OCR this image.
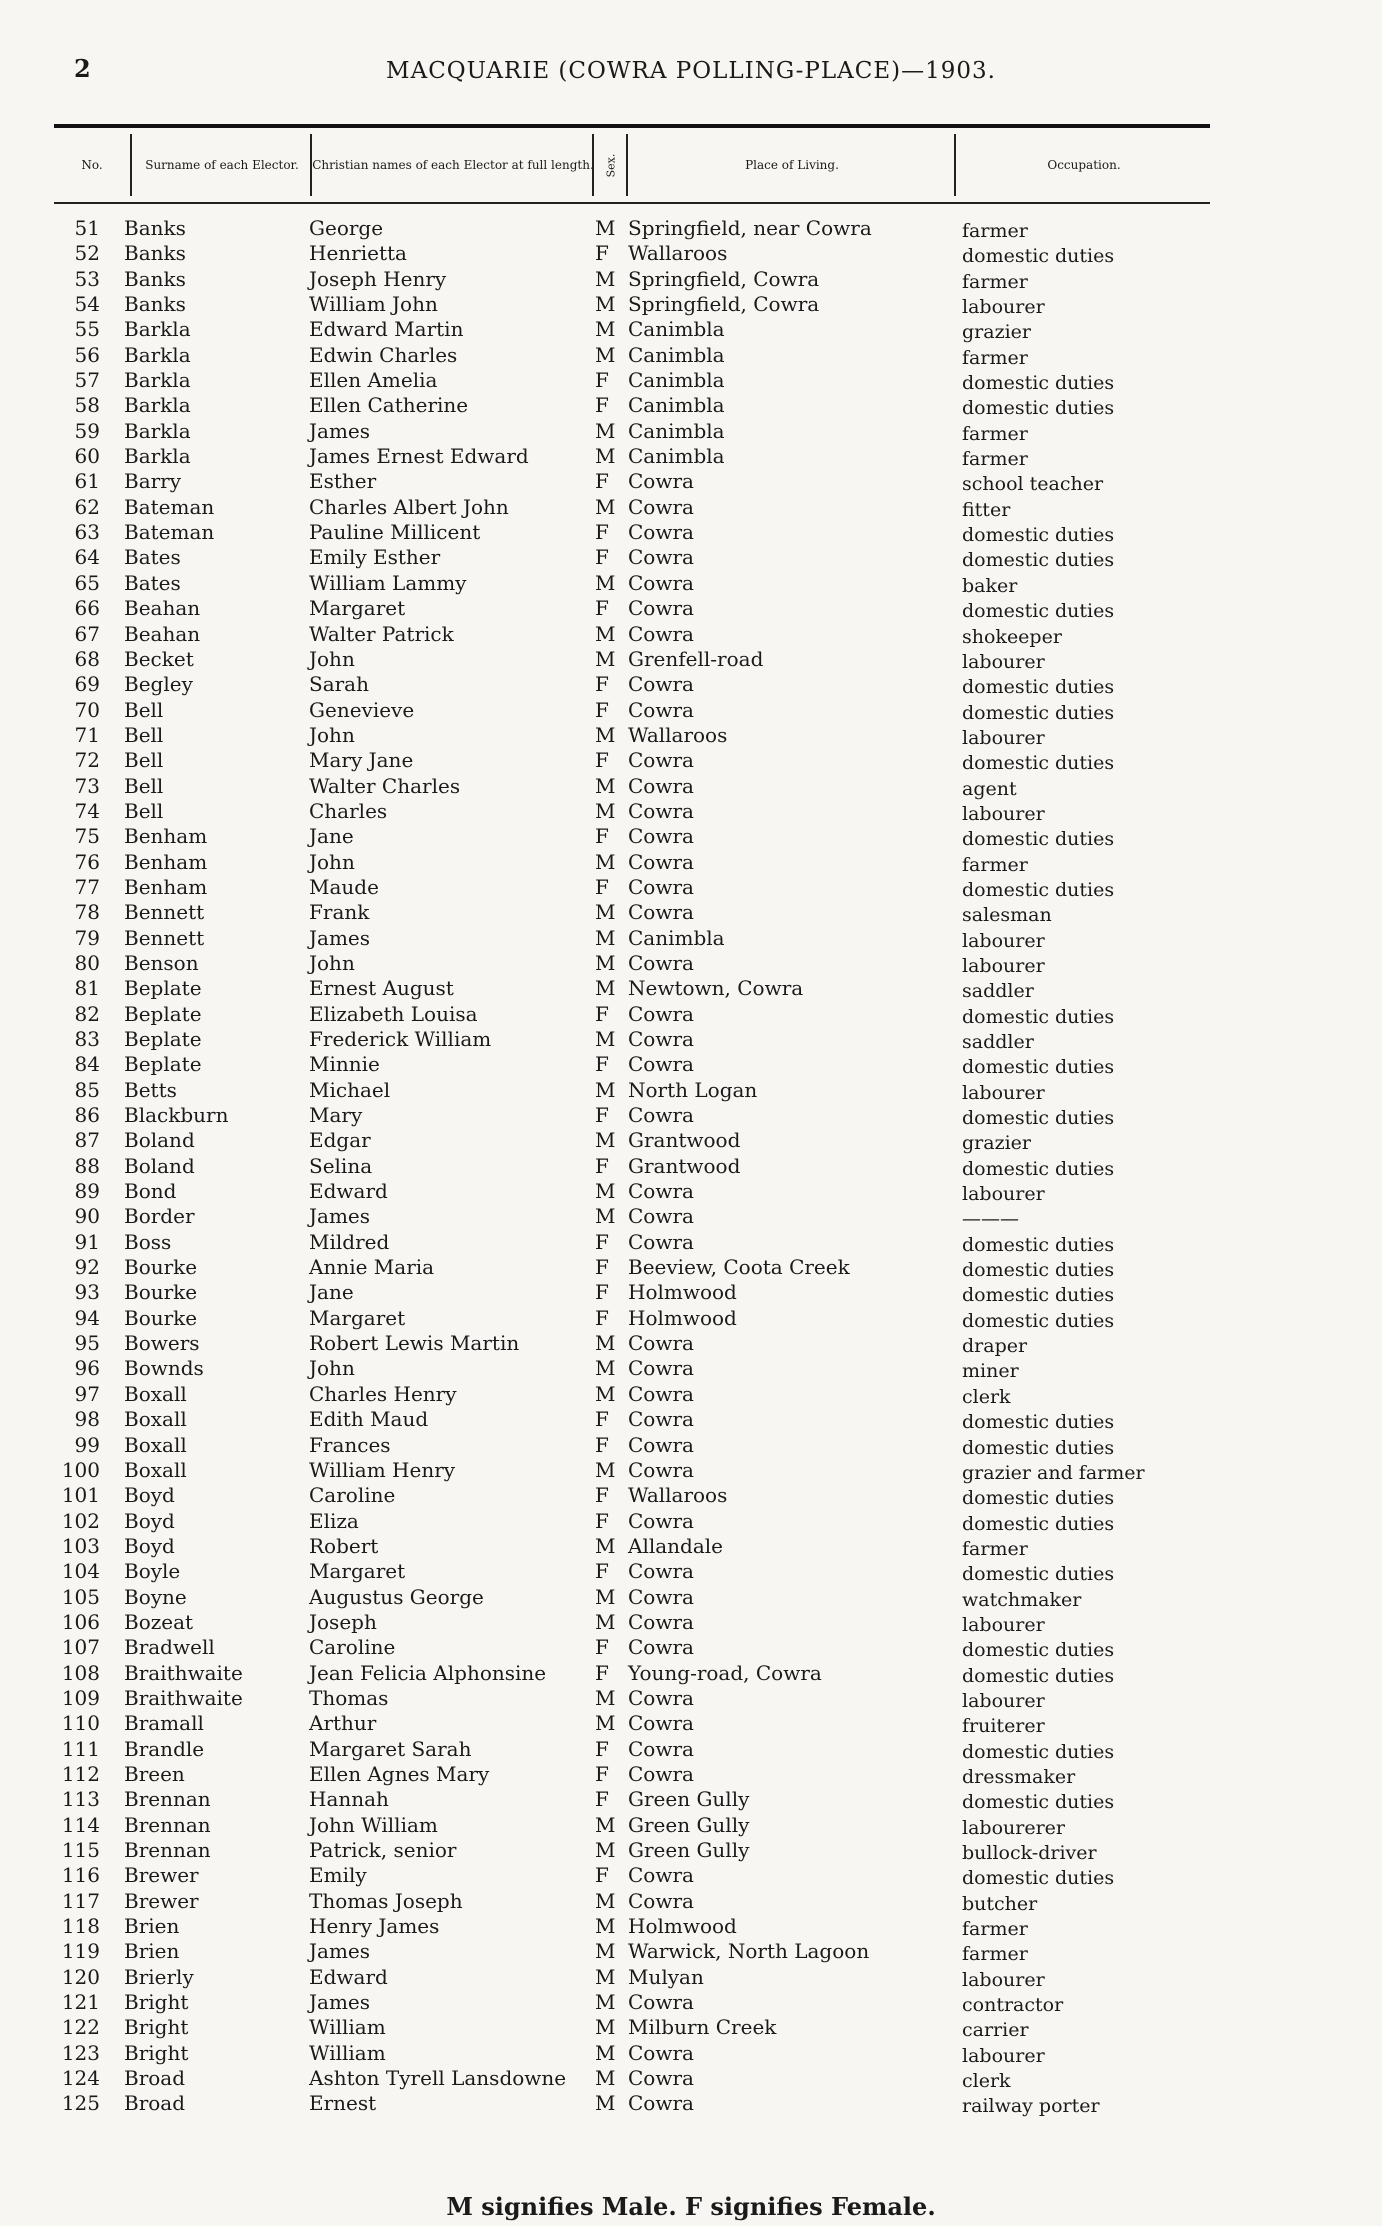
2	MACQUARIE (COWRA POLLING-PLACE)—1903.
No.	Surname of each Elector.	Christian names of each Elector at full length. Sex.	Place of Living.	Occupation.
51 Banks	George	M Springfield, near Cowra	farmer
52 Banks	Henrietta	F Wallaroos	domestic duties
53 Banks	Joseph Henry	M Springfield, Cowra	farmer
54 Banks	William John	M Springfield, Cowra	labourer
55 Barkla	Edward Martin	M Canimbla	grazier
56 Barkla	Edwin Charles	M Canimbla	farmer
57 Barkla	Ellen Amelia	F Canimbla	domestic duties
58 Barkla	Ellen Catherine	F Canimbla	domestic duties
59 Barkla	James	M Canimbla	farmer
60 Barkla	James Ernest Edward	M Canimbla	farmer
61 Barry	Esther	F Cowra	school teacher
62 Bateman	Charles Albert John	M Cowra	fitter
63 Bateman	Pauline Millicent	F Cowra	domestic duties
64 Bates	Emily Esther	F Cowra	domestic duties
65 Bates	William Lammy	M Cowra	baker
66 Beahan	Margaret	F Cowra	domestic duties
67 Beahan	Walter Patrick	M Cowra	shokeeper
68 Becket	John	M Grenfell-road	labourer
69 Begley	Sarah	F Cowra	domestic duties
70 Bell	Genevieve	F Cowra	domestic duties
71 Bell	John	M Wallaroos	labourer
72 Bell	Mary Jane	F Cowra	domestic duties
73 Bell	Walter Charles	M Cowra	agent
74 Bell	Charles	M Cowra	labourer
75 Benham	Jane	F Cowra	domestic duties
76 Benham	John	M Cowra	farmer
77 Benham	Maude	F Cowra	domestic duties
78 Bennett	Frank	M Cowra	salesman
79 Bennett	James	M Canimbla	labourer
80 Benson	John	M Cowra	labourer
81 Beplate	Ernest August	M Newtown, Cowra	saddler
82 Beplate	Elizabeth Louisa	F Cowra	domestic duties
83 Beplate	Frederick William	M Cowra	saddler
84 Beplate	Minnie	F Cowra	domestic duties
85 Betts	Michael	M North Logan	labourer
86 Blackburn	Mary	F Cowra	domestic duties
87 Boland	Edgar	M Grantwood	grazier
88 Boland	Selina	F Grantwood	domestic duties
89 Bond	Edward	M Cowra	labourer
90 Border	James	M Cowra	———
91 Boss	Mildred	F Cowra	domestic duties
92 Bourke	Annie Maria	F Beeview, Coota Creek	domestic duties
93 Bourke	Jane	F Holmwood	domestic duties
94 Bourke	Margaret	F Holmwood	domestic duties
95 Bowers	Robert Lewis Martin	M Cowra	draper
96 Bownds	John	M Cowra	miner
97 Boxall	Charles Henry	M Cowra	clerk
98 Boxall	Edith Maud	F Cowra	domestic duties
99 Boxall	Frances	F Cowra	domestic duties
100 Boxall	William Henry	M Cowra	grazier and farmer
101 Boyd	Caroline	F Wallaroos	domestic duties
102 Boyd	Eliza	F Cowra	domestic duties
103 Boyd	Robert	M Allandale	farmer
104 Boyle	Margaret	F Cowra	domestic duties
105 Boyne	Augustus George	M Cowra	watchmaker
106 Bozeat	Joseph	M Cowra	labourer
107 Bradwell	Caroline	F Cowra	domestic duties
108 Braithwaite	Jean Felicia Alphonsine F Young-road, Cowra	domestic duties
109 Braithwaite	Thomas	M Cowra	labourer
110 Bramall	Arthur	M Cowra	fruiterer
111 Brandle	Margaret Sarah	F Cowra	domestic duties
112 Breen	Ellen Agnes Mary	F Cowra	dressmaker
113 Brennan	Hannah	F Green Gully	domestic duties
114 Brennan	John William	M Green Gully	labourerer
115 Brennan	Patrick, senior	M Green Gully	bullock-driver
116 Brewer	Emily	F Cowra	domestic duties
117 Brewer	Thomas Joseph	M Cowra	butcher
118 Brien	Henry James	M Holmwood	farmer
119 Brien	James	M Warwick, North Lagoon	farmer
120 Brierly	Edward	M Mulyan	labourer
121 Bright	James	M Cowra	contractor
122 Bright	William	M Milburn Creek	carrier
123 Bright	William	M Cowra	labourer
124 Broad	Ashton Tyrell Lansdowne M Cowra	clerk
125 Broad	Ernest	M Cowra	railway porter
M signifies Male. F signifies Female.
